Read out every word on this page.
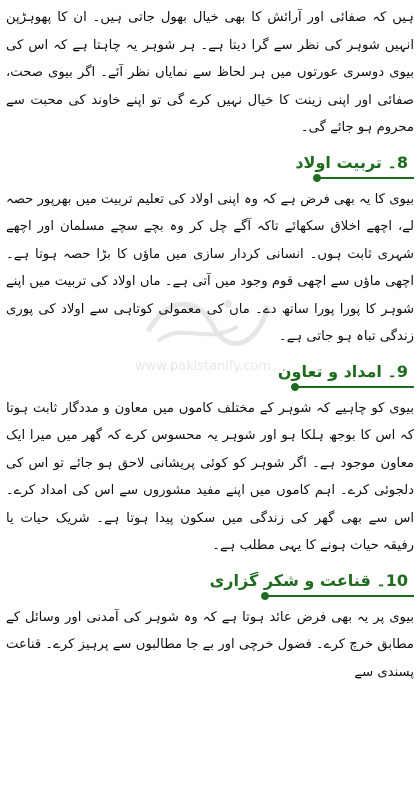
ہیں کہ صفائی اور آرائش کا بھی خیال بھول جاتی ہیں۔ ان کا پھوہڑپن انہیں شوہر کی نظر سے گرا دیتا ہے۔ ہر شوہر یہ چاہتا ہے کہ اس کی بیوی دوسری عورتوں میں ہر لحاظ سے نمایاں نظر آئے۔ اگر بیوی صحت، صفائی اور اپنی زینت کا خیال نہیں کرے گی تو اپنے خاوند کی محبت سے محروم ہو جائے گی۔

8۔ تربیت اولاد

بیوی کا یہ بھی فرض ہے کہ وہ اپنی اولاد کی تعلیم تربیت میں بھرپور حصہ لے، اچھے اخلاق سکھائے تاکہ آگے چل کر وہ بچے سچے مسلمان اور اچھے شہری ثابت ہوں۔ انسانی کردار سازی میں ماؤں کا بڑا حصہ ہوتا ہے۔ اچھی ماؤں سے اچھی قوم وجود میں آتی ہے۔ ماں اولاد کی تربیت میں اپنے شوہر کا پورا پورا ساتھ دے۔ ماں کی معمولی کوتاہی سے اولاد کی پوری زندگی تباہ ہو جاتی ہے۔

9۔ امداد و تعاون

بیوی کو چاہیے کہ شوہر کے مختلف کاموں میں معاون و مددگار ثابت ہوتا کہ اس کا بوجھ ہلکا ہو اور شوہر یہ محسوس کرے کہ گھر میں میرا ایک معاون موجود ہے۔ اگر شوہر کو کوئی پریشانی لاحق ہو جائے تو اس کی دلجوئی کرے۔ اہم کاموں میں اپنے مفید مشوروں سے اس کی امداد کرے۔ اس سے بھی گھر کی زندگی میں سکون پیدا ہوتا ہے۔ شریک حیات یا رفیقہ حیات ہونے کا یہی مطلب ہے۔

10۔ قناعت و شکر گزاری

بیوی پر یہ بھی فرض عائد ہوتا ہے کہ وہ شوہر کی آمدنی اور وسائل کے مطابق خرچ کرے۔ فضول خرچی اور بے جا مطالبوں سے پرہیز کرے۔ قناعت پسندی سے

www.pakistanify.com
